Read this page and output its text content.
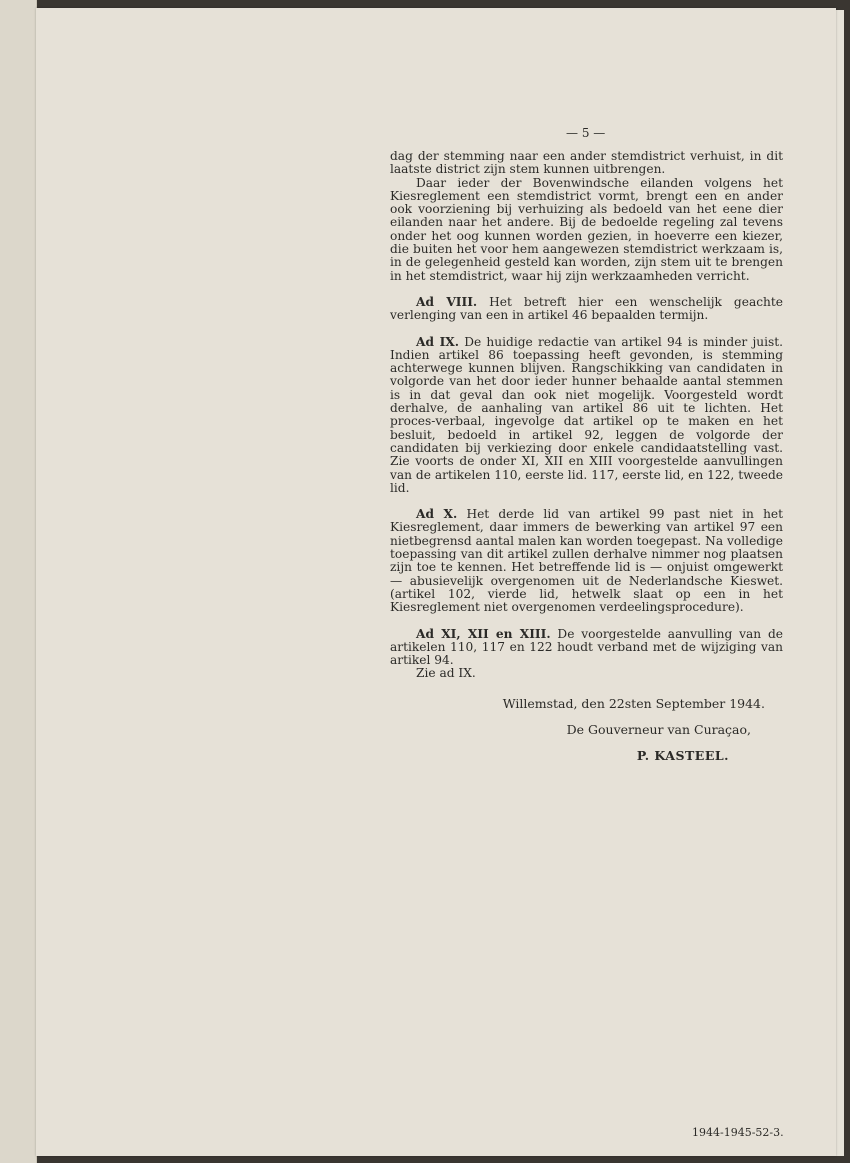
— 5 —

dag der stemming naar een ander stemdistrict verhuist, in dit laatste district zijn stem kunnen uitbrengen.

Daar ieder der Bovenwindsche eilanden volgens het Kiesreglement een stemdistrict vormt, brengt een en ander ook voorziening bij verhuizing als bedoeld van het eene dier eilanden naar het andere. Bij de bedoelde regeling zal tevens onder het oog kunnen worden gezien, in hoeverre een kiezer, die buiten het voor hem aangewezen stemdistrict werkzaam is, in de gelegenheid gesteld kan worden, zijn stem uit te brengen in het stemdistrict, waar hij zijn werkzaamheden verricht.

Ad VIII. Het betreft hier een wenschelijk geachte verlenging van een in artikel 46 bepaalden termijn.

Ad IX. De huidige redactie van artikel 94 is minder juist. Indien artikel 86 toepassing heeft gevonden, is stemming achterwege kunnen blijven. Rangschikking van candidaten in volgorde van het door ieder hunner behaalde aantal stemmen is in dat geval dan ook niet mogelijk. Voorgesteld wordt derhalve, de aanhaling van artikel 86 uit te lichten. Het proces-verbaal, ingevolge dat artikel op te maken en het besluit, bedoeld in artikel 92, leggen de volgorde der candidaten bij verkiezing door enkele candidaatstelling vast. Zie voorts de onder XI, XII en XIII voorgestelde aanvullingen van de artikelen 110, eerste lid. 117, eerste lid, en 122, tweede lid.

Ad X. Het derde lid van artikel 99 past niet in het Kiesreglement, daar immers de bewerking van artikel 97 een nietbegrensd aantal malen kan worden toegepast. Na volledige toepassing van dit artikel zullen derhalve nimmer nog plaatsen zijn toe te kennen. Het betreffende lid is — onjuist omgewerkt — abusievelijk overgenomen uit de Nederlandsche Kieswet. (artikel 102, vierde lid, hetwelk slaat op een in het Kiesreglement niet overgenomen verdeelingsprocedure).

Ad XI, XII en XIII. De voorgestelde aanvulling van de artikelen 110, 117 en 122 houdt verband met de wijziging van artikel 94.

Zie ad IX.

Willemstad, den 22sten September 1944.
De Gouverneur van Curaçao,
P. KASTEEL.
1944-1945-52-3.
